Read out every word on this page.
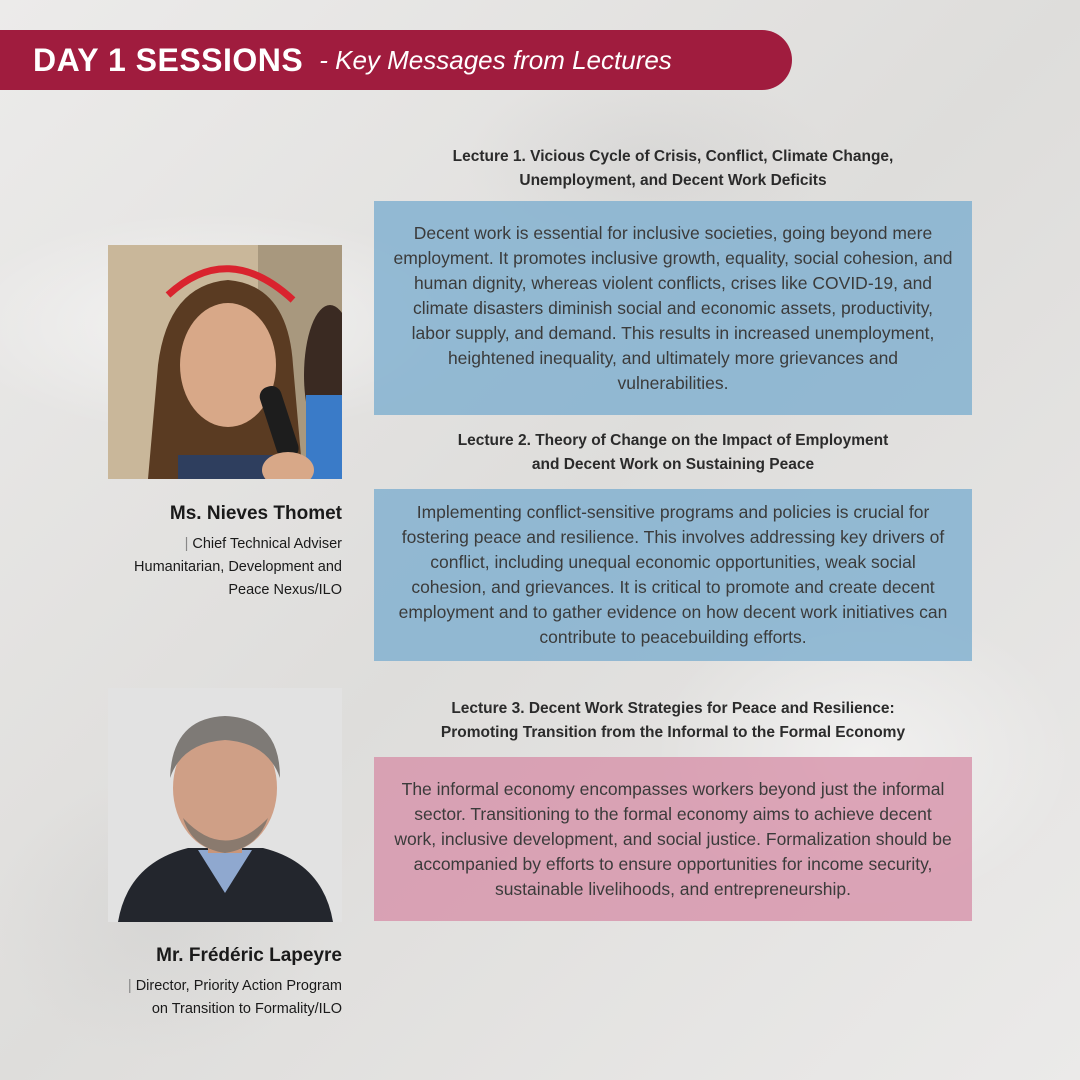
DAY 1 SESSIONS - Key Messages from Lectures
Ms. Nieves Thomet
| Chief Technical Adviser
Humanitarian, Development and
Peace Nexus/ILO
Mr. Frédéric Lapeyre
| Director, Priority Action Program
on Transition to Formality/ILO
Lecture 1. Vicious Cycle of Crisis, Conflict, Climate Change,
Unemployment, and Decent Work Deficits
Decent work is essential for inclusive societies, going beyond mere employment. It promotes inclusive growth, equality, social cohesion, and human dignity, whereas violent conflicts, crises like COVID-19, and climate disasters diminish social and economic assets, productivity, labor supply, and demand. This results in increased unemployment, heightened inequality, and ultimately more grievances and vulnerabilities.
Lecture 2. Theory of Change on the Impact of Employment
and Decent Work on Sustaining Peace
Implementing conflict-sensitive programs and policies is crucial for fostering peace and resilience. This involves addressing key drivers of conflict, including unequal economic opportunities, weak social cohesion, and grievances. It is critical to promote and create decent employment and to gather evidence on how decent work initiatives can contribute to peacebuilding efforts.
Lecture 3. Decent Work Strategies for Peace and Resilience:
Promoting Transition from the Informal to the Formal Economy
The informal economy encompasses workers beyond just the informal sector. Transitioning to the formal economy aims to achieve decent work, inclusive development, and social justice. Formalization should be accompanied by efforts to ensure opportunities for income security, sustainable livelihoods, and entrepreneurship.
